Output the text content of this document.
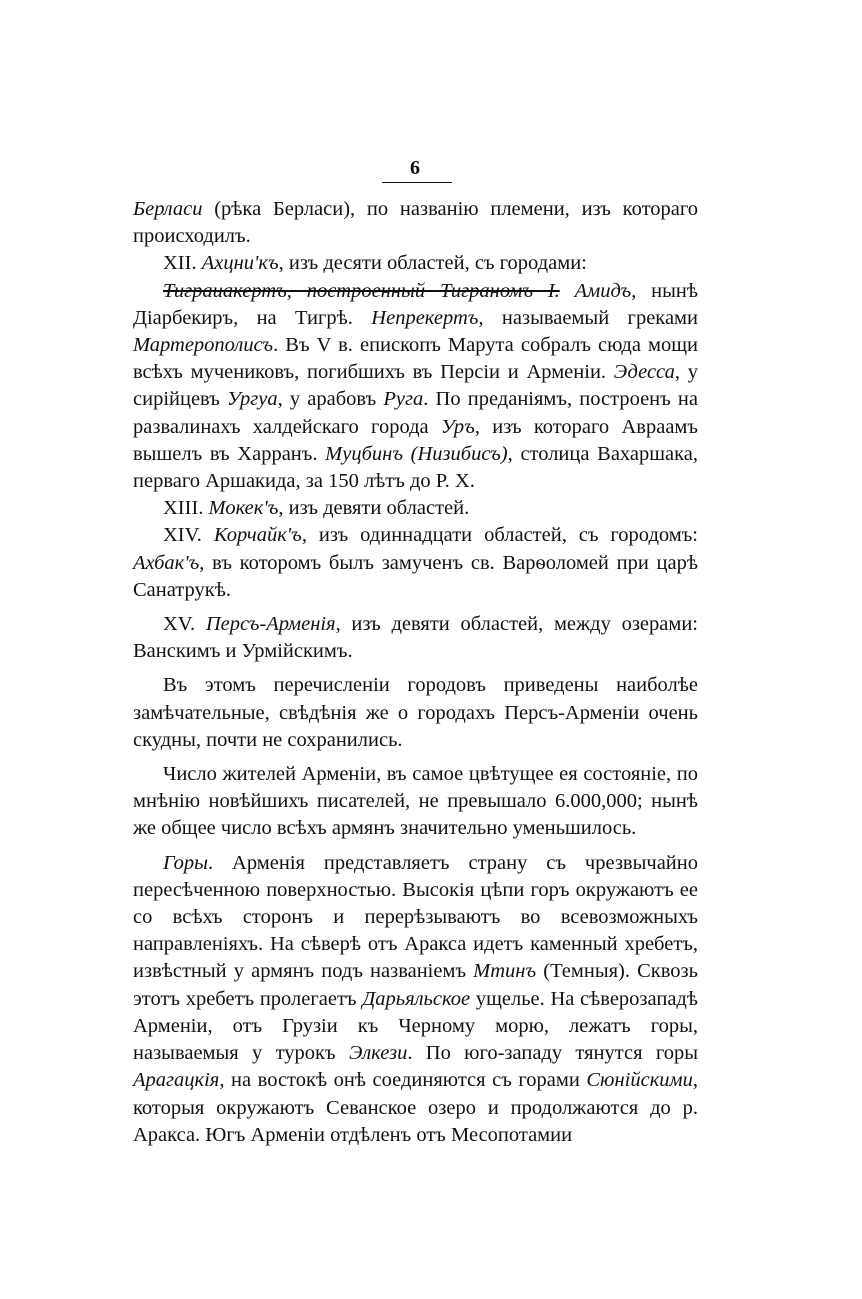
6

Берласи (рѣка Берласи), по названію племени, изъ котораго происходилъ.

XII. Ахцни'къ, изъ десяти областей, съ городами:

Тиграиакертъ, построенный Тиграномъ I. Амидъ, нынѣ Діарбекиръ, на Тигрѣ. Непрекертъ, называемый греками Мартерополисъ. Въ V в. епископъ Марута собралъ сюда мощи всѣхъ мучениковъ, погибшихъ въ Персіи и Арменіи. Эдесса, у сирійцевъ Ургуа, у арабовъ Руга. По преданіямъ, построенъ на развалинахъ халдейскаго города Уръ, изъ котораго Авраамъ вышелъ въ Харранъ. Муцбинъ (Низибисъ), столица Вахаршака, перваго Аршакида, за 150 лѣтъ до Р. Х.

XIII. Мокек'ъ, изъ девяти областей.

XIV. Корчайк'ъ, изъ одиннадцати областей, съ городомъ: Ахбак'ъ, въ которомъ былъ замученъ св. Варѳоломей при царѣ Санатрукѣ.

XV. Персъ-Арменія, изъ девяти областей, между озерами: Ванскимъ и Урмійскимъ.

Въ этомъ перечисленіи городовъ приведены наиболѣе замѣчательные, свѣдѣнія же о городахъ Персъ-Арменіи очень скудны, почти не сохранились.

Число жителей Арменіи, въ самое цвѣтущее ея состояніе, по мнѣнію новѣйшихъ писателей, не превышало 6.000,000; нынѣ же общее число всѣхъ армянъ значительно уменьшилось.

Горы. Арменія представляетъ страну съ чрезвычайно пересѣченною поверхностью. Высокія цѣпи горъ окружаютъ ее со всѣхъ сторонъ и перерѣзываютъ во всевозможныхъ направленіяхъ. На сѣверѣ отъ Аракса идетъ каменный хребетъ, извѣстный у армянъ подъ названіемъ Мтинъ (Темныя). Сквозь этотъ хребетъ пролегаетъ Дарьяльское ущелье. На сѣверозападѣ Арменіи, отъ Грузіи къ Черному морю, лежатъ горы, называемыя у турокъ Элкези. По юго-западу тянутся горы Арагацкія, на востокѣ онѣ соединяются съ горами Сюнійскими, которыя окружаютъ Севанское озеро и продолжаются до р. Аракса. Югъ Арменіи отдѣленъ отъ Месопотамии
